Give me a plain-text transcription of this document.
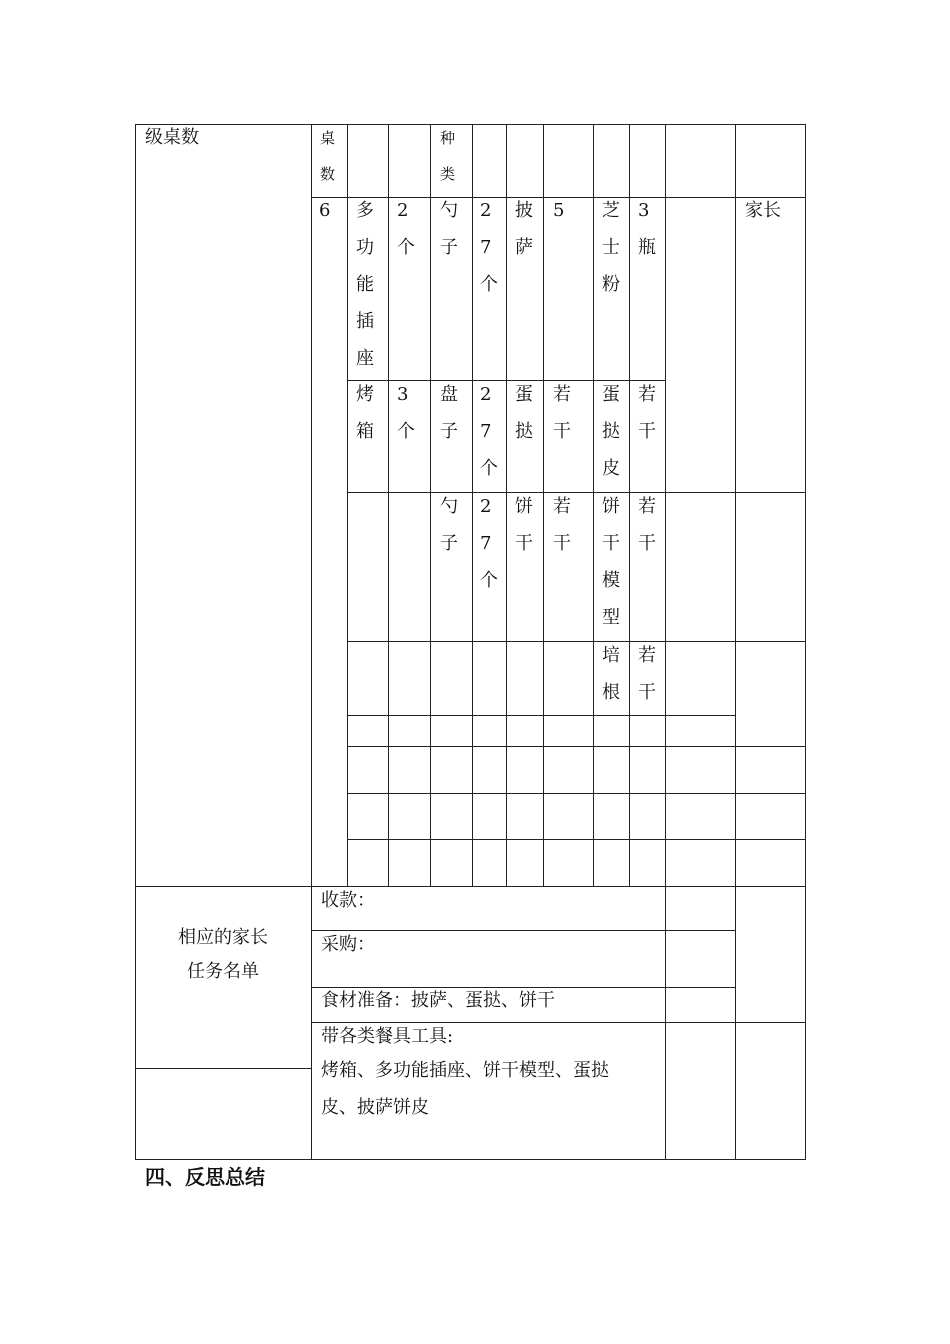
级桌数	桌数
种类
6 多功能插座
2个
勺子
27个
披萨
5 芝士粉
3瓶
家长
烤箱
3个
盘子
27个
蛋挞
若干
蛋挞皮
若干
勺子
27个
饼干
若干
饼干模型
若干
培根
若干
相应的家长
任务名单
收款：
采购：
食材准备：披萨、蛋挞、饼干
带各类餐具工具:
烤箱、多功能插座、饼干模型、蛋挞
皮、披萨饼皮
四、反思总结
